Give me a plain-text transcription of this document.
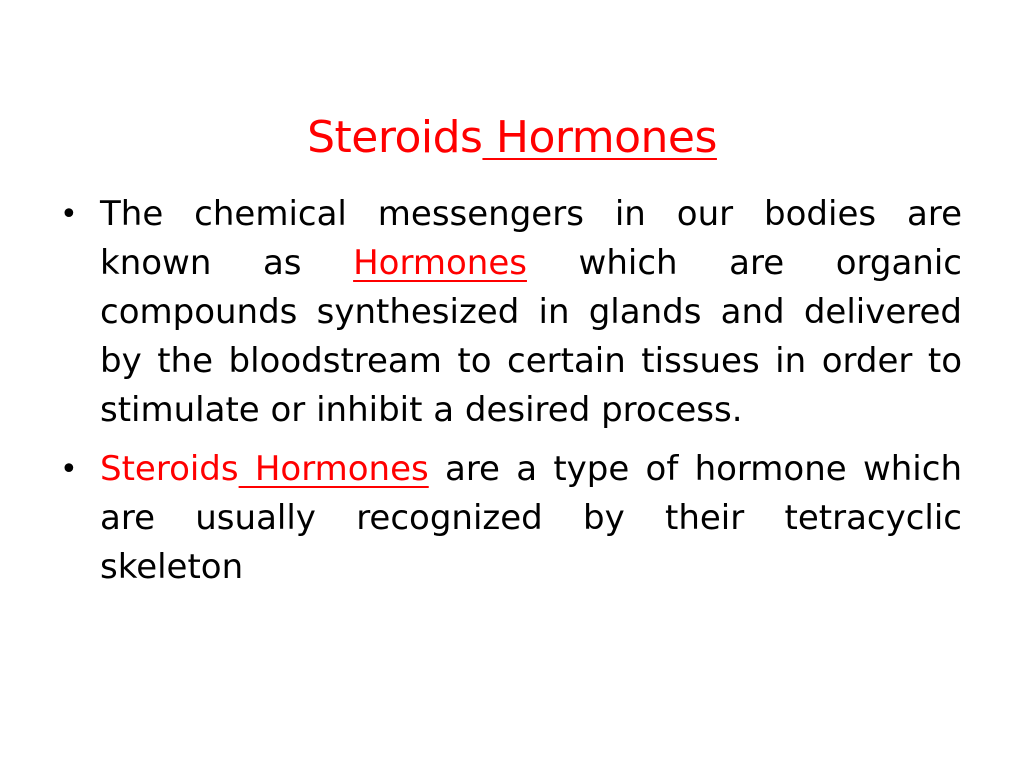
Steroids Hormones
• The chemical messengers in our bodies are known as Hormones which are organic compounds synthesized in glands and delivered by the bloodstream to certain tissues in order to stimulate or inhibit a desired process.
• Steroids Hormones are a type of hormone which are usually recognized by their tetracyclic skeleton
